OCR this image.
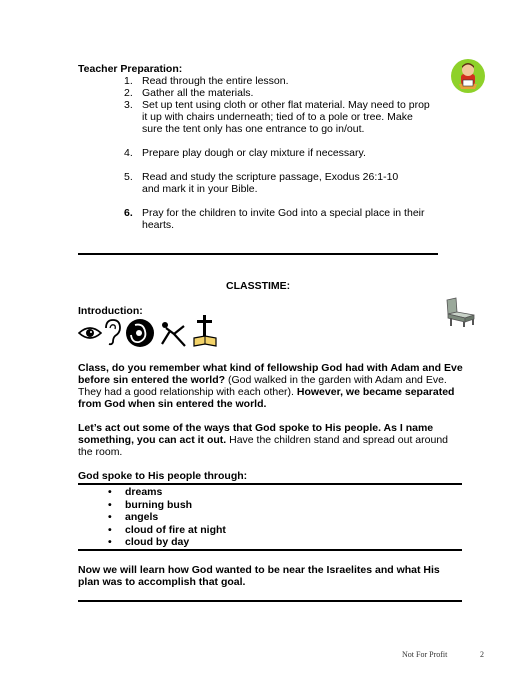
Teacher Preparation:
1. Read through the entire lesson.
2. Gather all the materials.
3. Set up tent using cloth or other flat material. May need to prop it up with chairs underneath; tied of to a pole or tree. Make sure the tent only has one entrance to go in/out.
4. Prepare play dough or clay mixture if necessary.
5. Read and study the scripture passage, Exodus 26:1-10 and mark it in your Bible.
6. Pray for the children to invite God into a special place in their hearts.
CLASSTIME:
Introduction:
Class, do you remember what kind of fellowship God had with Adam and Eve before sin entered the world? (God walked in the garden with Adam and Eve. They had a good relationship with each other). However, we became separated from God when sin entered the world.
Let’s act out some of the ways that God spoke to His people. As I name something, you can act it out. Have the children stand and spread out around the room.
God spoke to His people through:
• dreams
• burning bush
• angels
• cloud of fire at night
• cloud by day
Now we will learn how God wanted to be near the Israelites and what His plan was to accomplish that goal.
Not For Profit	2
